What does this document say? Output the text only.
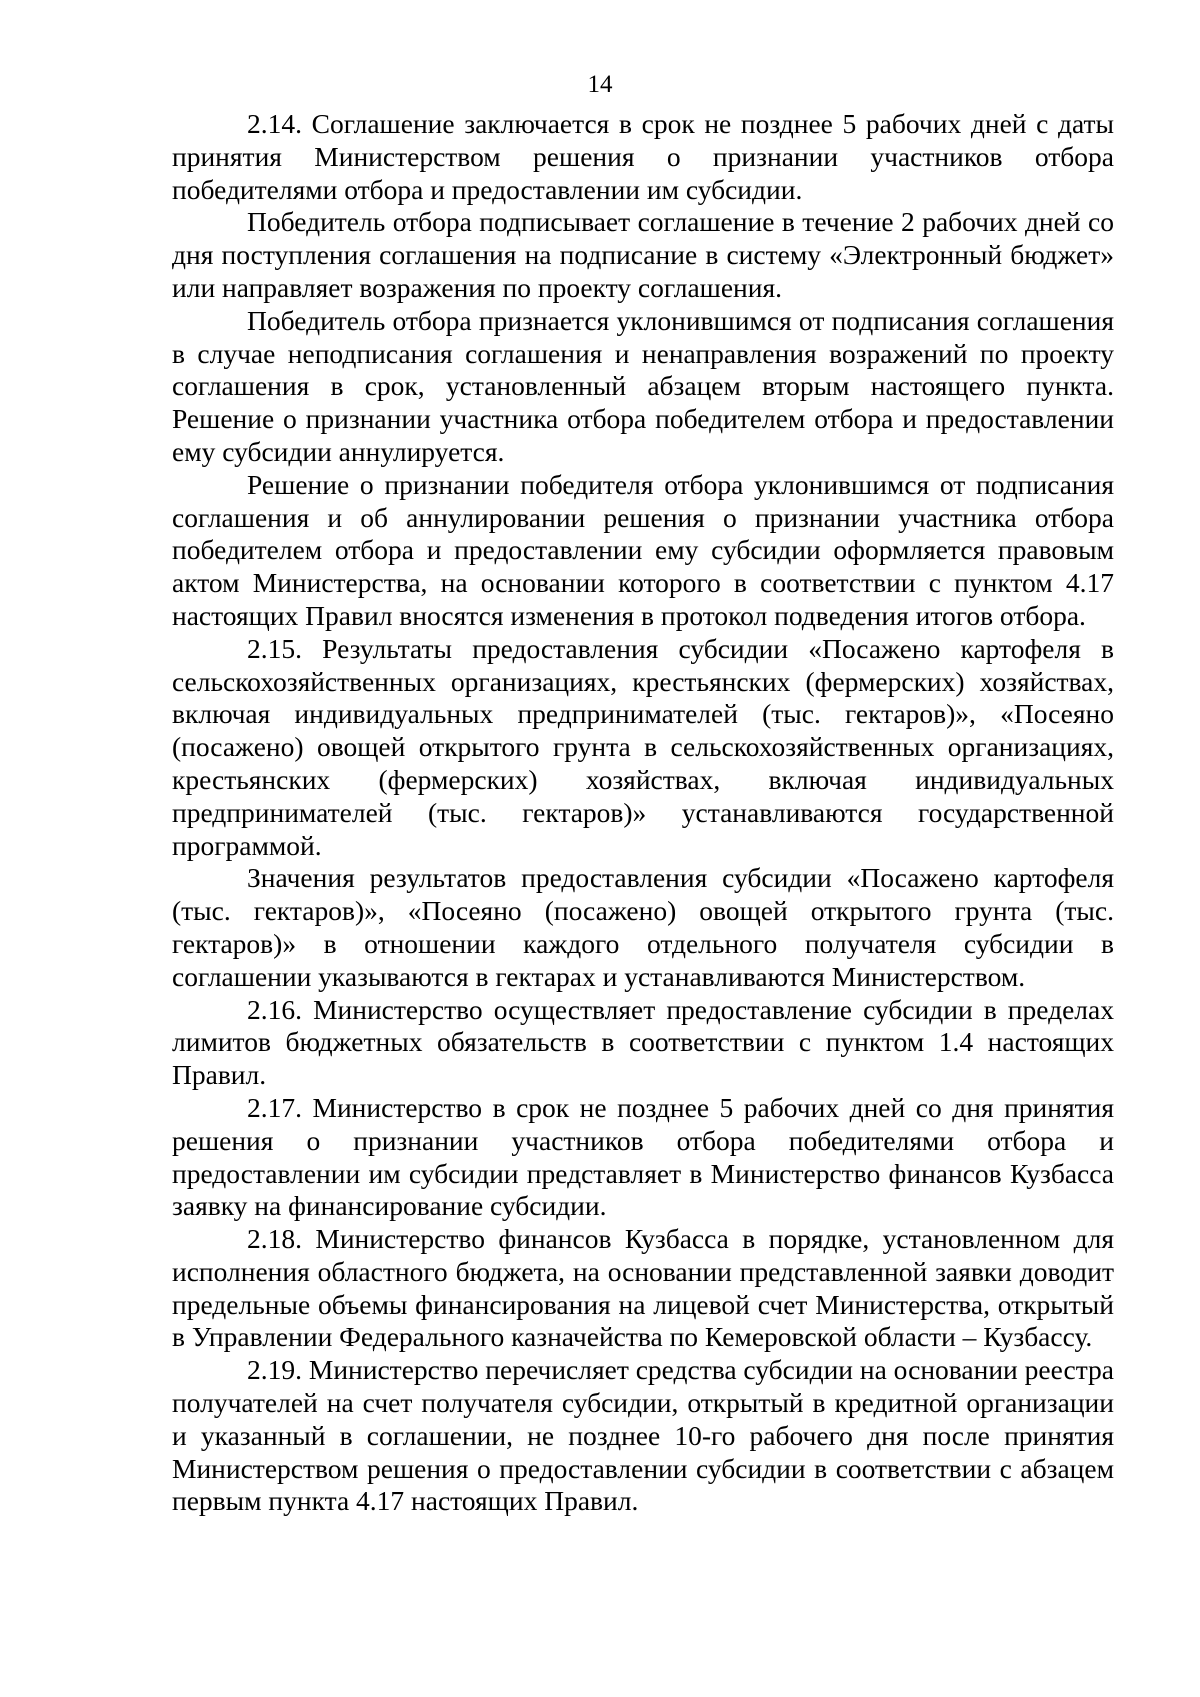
14

2.14. Соглашение заключается в срок не позднее 5 рабочих дней с даты принятия Министерством решения о признании участников отбора победителями отбора и предоставлении им субсидии.

Победитель отбора подписывает соглашение в течение 2 рабочих дней со дня поступления соглашения на подписание в систему «Электронный бюджет» или направляет возражения по проекту соглашения.

Победитель отбора признается уклонившимся от подписания соглашения в случае неподписания соглашения и ненаправления возражений по проекту соглашения в срок, установленный абзацем вторым настоящего пункта. Решение о признании участника отбора победителем отбора и предоставлении ему субсидии аннулируется.

Решение о признании победителя отбора уклонившимся от подписания соглашения и об аннулировании решения о признании участника отбора победителем отбора и предоставлении ему субсидии оформляется правовым актом Министерства, на основании которого в соответствии с пунктом 4.17 настоящих Правил вносятся изменения в протокол подведения итогов отбора.

2.15. Результаты предоставления субсидии «Посажено картофеля в сельскохозяйственных организациях, крестьянских (фермерских) хозяйствах, включая индивидуальных предпринимателей (тыс. гектаров)», «Посеяно (посажено) овощей открытого грунта в сельскохозяйственных организациях, крестьянских (фермерских) хозяйствах, включая индивидуальных предпринимателей (тыс. гектаров)» устанавливаются государственной программой.

Значения результатов предоставления субсидии «Посажено картофеля (тыс. гектаров)», «Посеяно (посажено) овощей открытого грунта (тыс. гектаров)» в отношении каждого отдельного получателя субсидии в соглашении указываются в гектарах и устанавливаются Министерством.

2.16. Министерство осуществляет предоставление субсидии в пределах лимитов бюджетных обязательств в соответствии с пунктом 1.4 настоящих Правил.

2.17. Министерство в срок не позднее 5 рабочих дней со дня принятия решения о признании участников отбора победителями отбора и предоставлении им субсидии представляет в Министерство финансов Кузбасса заявку на финансирование субсидии.

2.18. Министерство финансов Кузбасса в порядке, установленном для исполнения областного бюджета, на основании представленной заявки доводит предельные объемы финансирования на лицевой счет Министерства, открытый в Управлении Федерального казначейства по Кемеровской области – Кузбассу.

2.19. Министерство перечисляет средства субсидии на основании реестра получателей на счет получателя субсидии, открытый в кредитной организации и указанный в соглашении, не позднее 10-го рабочего дня после принятия Министерством решения о предоставлении субсидии в соответствии с абзацем первым пункта 4.17 настоящих Правил.
